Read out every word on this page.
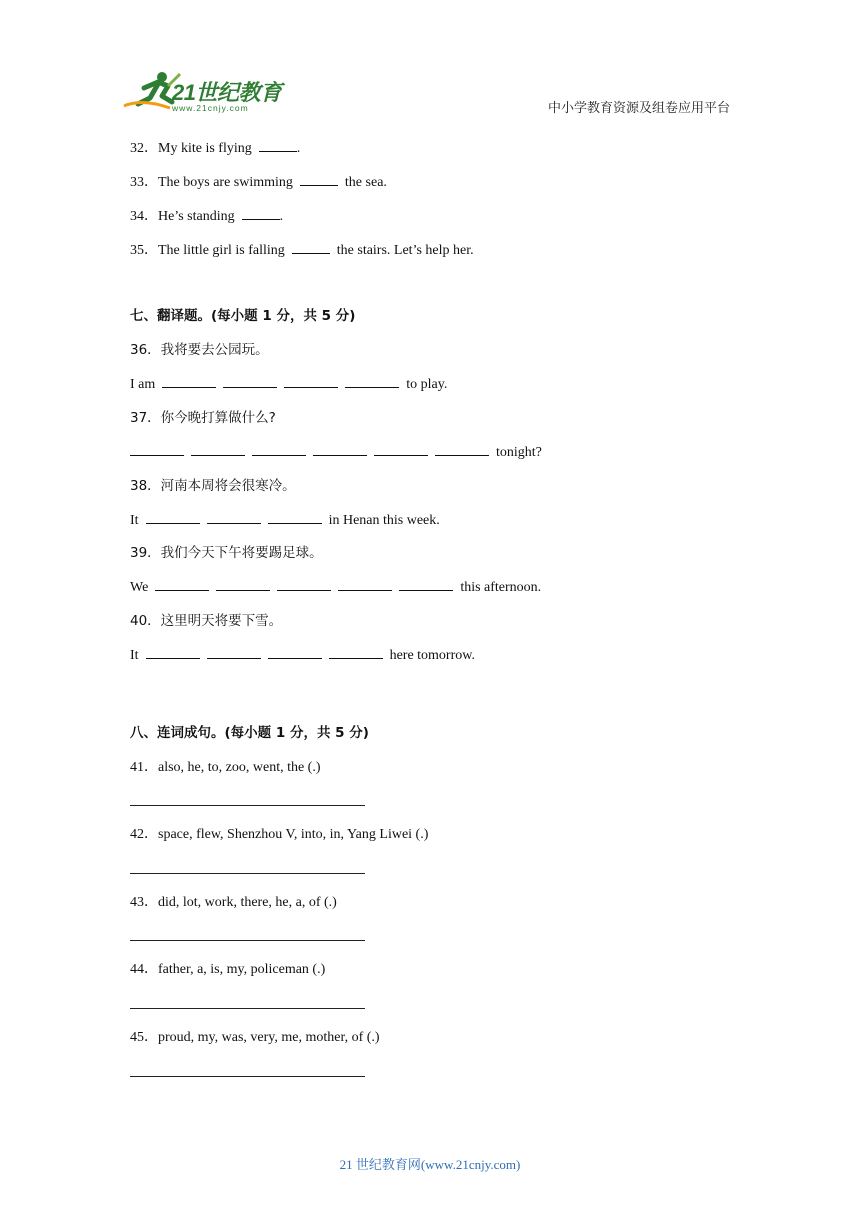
21世纪教育
www.21cnjy.com	中小学教育资源及组卷应用平台
32．My kite is flying	.
33．The boys are swimming	the sea.
34．He’s standing	.
35．The little girl is falling	the stairs. Let’s help her.
七、翻译题。(每小题 1 分，共 5 分)
36．我将要去公园玩。
I am	to play.
37．你今晚打算做什么?
tonight?
38．河南本周将会很寒冷。
It	in Henan this week.
39．我们今天下午将要踢足球。
We	this afternoon.
40．这里明天将要下雪。
It	here tomorrow.
八、连词成句。(每小题 1 分，共 5 分)
41．also, he, to, zoo, went, the (.)
42．space, flew, Shenzhou V, into, in, Yang Liwei (.)
43．did, lot, work, there, he, a, of (.)
44．father, a, is, my, policeman (.)
45．proud, my, was, very, me, mother, of (.)
21 世纪教育网(www.21cnjy.com)
